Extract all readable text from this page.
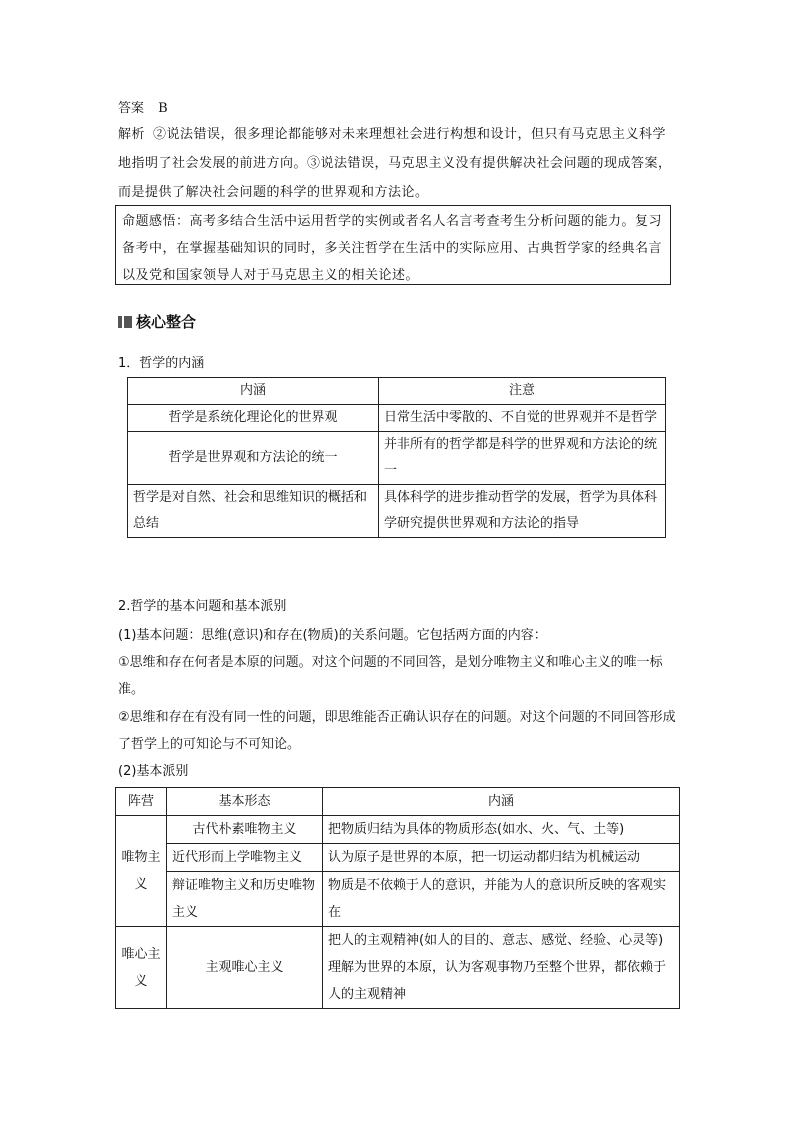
答案 B
解析 ②说法错误，很多理论都能够对未来理想社会进行构想和设计，但只有马克思主义科学地指明了社会发展的前进方向。③说法错误，马克思主义没有提供解决社会问题的现成答案，而是提供了解决社会问题的科学的世界观和方法论。
命题感悟：高考多结合生活中运用哲学的实例或者名人名言考查考生分析问题的能力。复习备考中，在掌握基础知识的同时，多关注哲学在生活中的实际应用、古典哲学家的经典名言以及党和国家领导人对于马克思主义的相关论述。
核心整合
1．哲学的内涵
内涵	注意
哲学是系统化理论化的世界观	日常生活中零散的、不自觉的世界观并不是哲学
哲学是世界观和方法论的统一	并非所有的哲学都是科学的世界观和方法论的统一
哲学是对自然、社会和思维知识的概括和总结	具体科学的进步推动哲学的发展，哲学为具体科学研究提供世界观和方法论的指导
2.哲学的基本问题和基本派别
(1)基本问题：思维(意识)和存在(物质)的关系问题。它包括两方面的内容：
①思维和存在何者是本原的问题。对这个问题的不同回答，是划分唯物主义和唯心主义的唯一标准。
②思维和存在有没有同一性的问题，即思维能否正确认识存在的问题。对这个问题的不同回答形成了哲学上的可知论与不可知论。
(2)基本派别
阵营	基本形态	内涵
唯物主义	古代朴素唯物主义	把物质归结为具体的物质形态(如水、火、气、土等)
	近代形而上学唯物主义	认为原子是世界的本原，把一切运动都归结为机械运动
	辩证唯物主义和历史唯物主义	物质是不依赖于人的意识，并能为人的意识所反映的客观实在
唯心主义	主观唯心主义	把人的主观精神(如人的目的、意志、感觉、经验、心灵等)理解为世界的本原，认为客观事物乃至整个世界，都依赖于人的主观精神
